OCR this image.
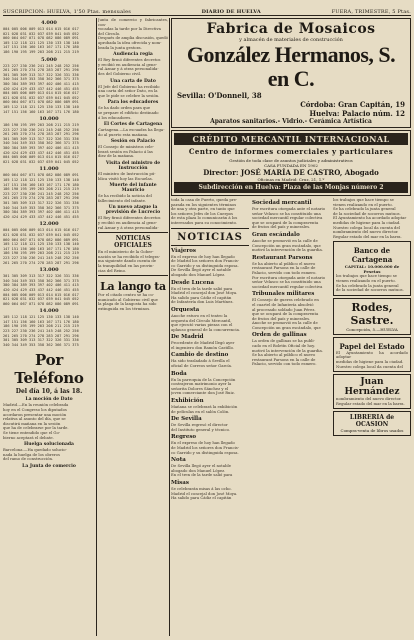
SUSCRIPCION: HUELVA, 1'50 Ptas. mensuales	DIARIO DE HUELVA	FUERA, TRIMESTRE, 5 Ptas.
4.000
004 005 006 009 013 014 015 016 017
021 028 031 032 037 039 041 045 052
060 064 067 071 078 082 086 089 091
105 112 118 121 125 130 133 138 140
147 151 156 160 163 167 171 176 180
186 190 195 199 203 208 211 215 219
5.000
223 227 230 236 241 245 248 252 256
261 265 270 274 278 283 287 291 296
301 305 309 313 317 322 326 331 336
340 344 349 353 358 362 366 371 375
380 384 389 393 397 402 406 411 415
420 424 429 433 437 442 446 451 455
004 005 006 009 013 014 015 016 017
021 028 031 032 037 039 041 045 052
060 064 067 071 078 082 086 089 091
105 112 118 121 125 130 133 138 140
147 151 156 160 163 167 171 176 180
10.000
186 190 195 199 203 208 211 215 219
223 227 230 236 241 245 248 252 256
261 265 270 274 278 283 287 291 296
301 305 309 313 317 322 326 331 336
340 344 349 353 358 362 366 371 375
380 384 389 393 397 402 406 411 415
420 424 429 433 437 442 446 451 455
004 005 006 009 013 014 015 016 017
021 028 031 032 037 039 041 045 052
11.000
060 064 067 071 078 082 086 089 091
105 112 118 121 125 130 133 138 140
147 151 156 160 163 167 171 176 180
186 190 195 199 203 208 211 215 219
223 227 230 236 241 245 248 252 256
261 265 270 274 278 283 287 291 296
301 305 309 313 317 322 326 331 336
340 344 349 353 358 362 366 371 375
380 384 389 393 397 402 406 411 415
420 424 429 433 437 442 446 451 455
12.000
004 005 006 009 013 014 015 016 017
021 028 031 032 037 039 041 045 052
060 064 067 071 078 082 086 089 091
105 112 118 121 125 130 133 138 140
147 151 156 160 163 167 171 176 180
186 190 195 199 203 208 211 215 219
223 227 230 236 241 245 248 252 256
261 265 270 274 278 283 287 291 296
13.000
301 305 309 313 317 322 326 331 336
340 344 349 353 358 362 366 371 375
380 384 389 393 397 402 406 411 415
420 424 429 433 437 442 446 451 455
004 005 006 009 013 014 015 016 017
021 028 031 032 037 039 041 045 052
060 064 067 071 078 082 086 089 091
14.000
105 112 118 121 125 130 133 138 140
147 151 156 160 163 167 171 176 180
186 190 195 199 203 208 211 215 219
223 227 230 236 241 245 248 252 256
261 265 270 274 278 283 287 291 296
301 305 309 313 317 322 326 331 336
340 344 349 353 358 362 366 371 375
Por Teléfono
Del día 10, á las 18.
La moción de Dato
Madrid.—En la reunión celebrada
hoy en el Congreso los diputados
acordaron presentar una moción
relativa al asunto del día, que se
discutirá mañana en la sesión
que ha de celebrarse por la tarde.
Se tiene entendido que el Go-
bierno aceptará el debate.
Huelga solucionada
Barcelona.—Ha quedado solucio-
nada la huelga de los obreros
del ramo de construcción.
La Junta de comercio
Junta de comercio y fabricantes, con-
vocadas la tarde por la Directiva
del Círculo.
Después de amplia discusión, quedó
aprobada la idea ofrecida y nom-
brada la junta gestora.
Audiencia regia
El Rey firmó diferentes decretos
y recibió en audiencia al gene-
ral Aznar y á otras personalida-
des del Gobierno civil.
Una carta de Dato
El Jefe del Gobierno ha recibido
una carta del señor Dato, en la
que le pide se celebre la sesión.
Para los educadores
Se ha dado orden para que
se prepare el edificio destinado
á los educadores.
El Cortes de Cartagena
Cartagena.—La escuadra ha llega-
do al puerto esta mañana.
Sesión en Palacio
El Consejo de ministros cele-
brará sesión en Palacio á las
diez de la mañana.
Visita del ministro de Instrucción
El ministro de Instrucción pú-
blica visitó hoy las Escuelas.
Muerte del infante Mauricio
Se ha recibido la noticia del
fallecimiento del infante.
Un nuevo ataque la previsión de Lucrecio
El Rey firmó diferentes decretos
y recibió en audiencia al gene-
ral Aznar y á otras personalida-
NOTICIAS OFICIALES
En el ministerio de la Gober-
nación se ha recibido el telegra-
ma siguiente dando cuenta de
la tranquilidad en las provin-
cias del Reino.
La lango ta
Por el citado centro se ha co-
municado al Gobierno civil que
la plaga de la langosta ha sido
extinguida en los términos.
Fabrica de Mosaicos
y almacén de materiales de construcción
González Hermanos, S. en C.
Sevilla: O'Donnell, 38
Córdoba: Gran Capitán, 19
Huelva: Palacio núm. 12
Aparatos sanitarios.- Vidrio.- Cerámica Artística
CRÉDITO MERCANTIL INTERNACIONAL
Centro de informes comerciales y particulares
Gestión de toda clase de asuntos judiciales y administrativos
CASA FUNDADA EN 1902
Director: JOSÉ MARÍA DE CASTRO, Abogado
Oficinas en Madrid: Cruz, 21, 1.º
Subdirección en Huelva: Plaza de las Monjas número 2
toda la casa de Puerto, queda pre-
parada en los siguientes términos
de una y otra parte, en tanto que
los señores Jefes de los Cuerpos
de esta plaza lo comunicarán á los
interesados para su conocimiento.
NOTICIAS
Viajeros
En el expreso de hoy han llegado
de Madrid los señores don Francis-
co Garrido y su distinguida esposa.
De Sevilla llegó ayer el notable
abogado don Manuel López.
Desde Lucena
En el tren de la tarde salió para
Madrid el concejal don José Moya.
Ha salido para Cádiz el capitán
de Infantería don Luis Martínez.
Orquesta
Anoche estuvo en el teatro la
orquesta del Círculo Mercantil,
que ejecutó varias piezas con el
aplauso general de la concurrencia.
De Madrid
Procedente de Madrid llegó ayer
el ingeniero don Ramón Castillo.
Cambio de destino
Ha sido trasladado á Sevilla el
oficial de Correos señor García.
Boda
En la parroquia de la Concepción
contrajeron matrimonio ayer la
señorita Dolores Sánchez y el
joven comerciante don José Ruiz.
Exhibición
Mañana se celebrará la exhibición
de películas en el salón Colón.
De Sevilla
De Sevilla regresó el director
del Instituto general y técnico.
Regreso
En el expreso de hoy han llegado
de Madrid los señores don Francis-
co Garrido y su distinguida esposa.
Nota
De Sevilla llegó ayer el notable
abogado don Manuel López.
En el tren de la tarde salió para
Misas
Se celebrarán misas á las ocho.
Madrid el concejal don José Moya.
Ha salido para Cádiz el capitán
Sociedad mercantil
Por escritura otorgada ante el notario
señor Velasco se ha constituido una
sociedad mercantil regular colectiva
que se ocupará de la compraventa
de frutos del país y minerales.
Gran escándalo
Anoche se promovió en la calle de
Concepción un gran escándalo, que
motivó la intervención de la guardia.
Restaurant Parsons
Se ha abierto al público el nuevo
restaurant Parsons en la calle de
Palacio, servido con todo esmero.
Por escritura otorgada ante el notario
señor Velasco se ha constituido una
sociedad mercantil regular colectiva
Tribunales militares
El Consejo de guerra celebrado en
el cuartel de Infantería absolvió
al procesado soldado Juan Pérez.
que se ocupará de la compraventa
de frutos del país y minerales.
Anoche se promovió en la calle de
Concepción un gran escándalo, que
Orden de gallinas
La orden de gallinas se ha publi-
cado en el Boletín Oficial de hoy.
motivó la intervención de la guardia.
Se ha abierto al público el nuevo
restaurant Parsons en la calle de
Palacio, servido con todo esmero.
los trabajos que hace tiempo se
vienen realizando en el puerto.
Se ha celebrado la junta general
de la sociedad de socorros mutuos.
El Ayuntamiento ha acordado adoptar
medidas de higiene para la ciudad.
Nuestro colega local da cuenta del
nombramiento del nuevo director.
Regular estado del mar en la barra.
Banco de Cartagena
CAPITAL: 10.000.000 de Pesetas
los trabajos que hace tiempo se
vienen realizando en el puerto.
Se ha celebrado la junta general
de la sociedad de socorros mutuos.
Rodes, Sastre.
Concepción, 5.—HUELVA
Papel del Estado
El Ayuntamiento ha acordado adoptar
medidas de higiene para la ciudad.
Nuestro colega local da cuenta del
Juan Hernández
nombramiento del nuevo director.
Regular estado del mar en la barra.
LIBRERIA de OCASION
Compra-venta de libros usados
